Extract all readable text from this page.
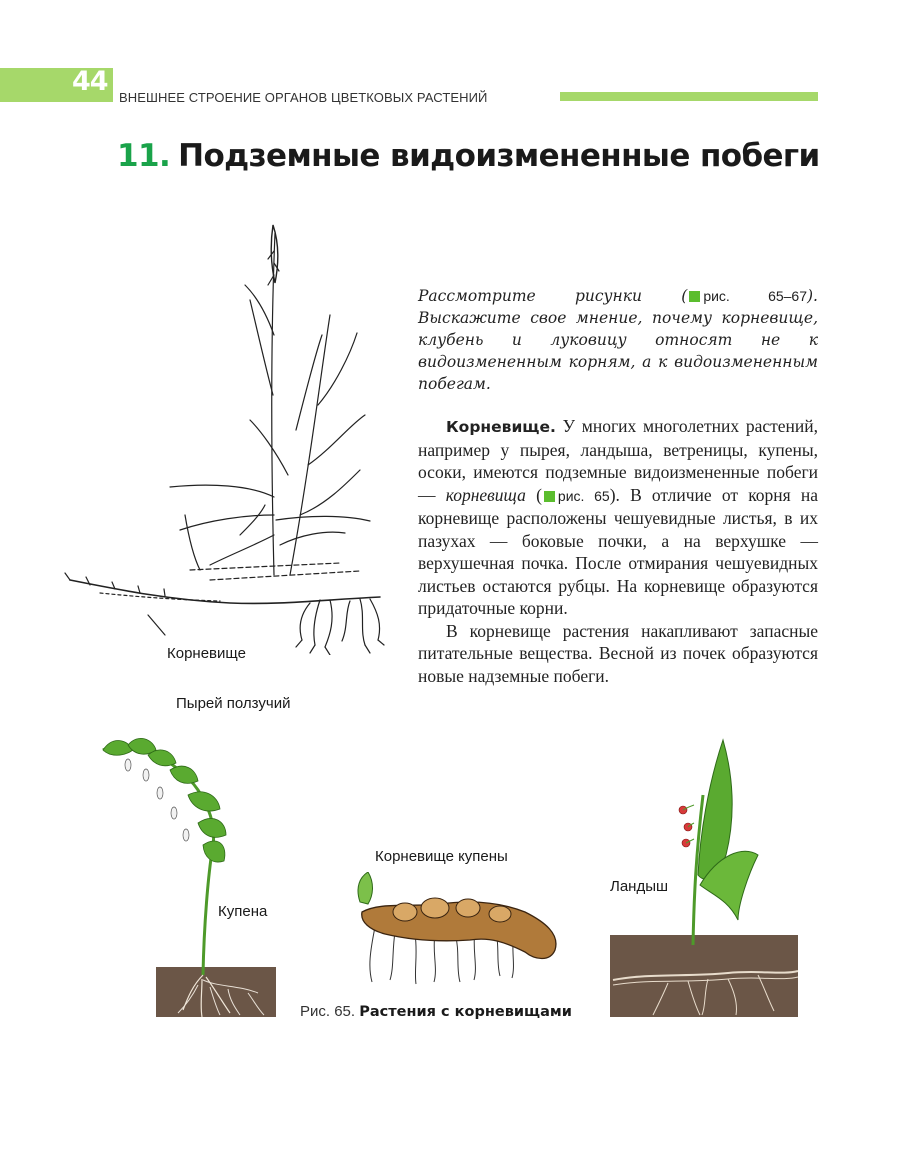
44
ВНЕШНЕЕ СТРОЕНИЕ ОРГАНОВ ЦВЕТКОВЫХ РАСТЕНИЙ
11. Подземные видоизмененные побеги
Корневище
Пырей ползучий
Рассмотрите рисунки ( рис. 65–67). Выскажите свое мнение, почему корневище, клубень и луковицу относят не к видоизмененным корням, а к видоизмененным побегам.

Корневище. У многих многолетних растений, например у пырея, ландыша, ветреницы, купены, осоки, имеются подземные видоизмененные побеги — корневища ( рис. 65). В отличие от корня на корневище расположены чешуевидные листья, в их пазухах — боковые почки, а на верхушке — верхушечная почка. После отмирания чешуевидных листьев остаются рубцы. На корневище образуются придаточные корни.

В корневище растения накапливают запасные питательные вещества. Весной из почек образуются новые надземные побеги.

Купена
Корневище купены
Ландыш
Рис. 65. Растения с корневищами
